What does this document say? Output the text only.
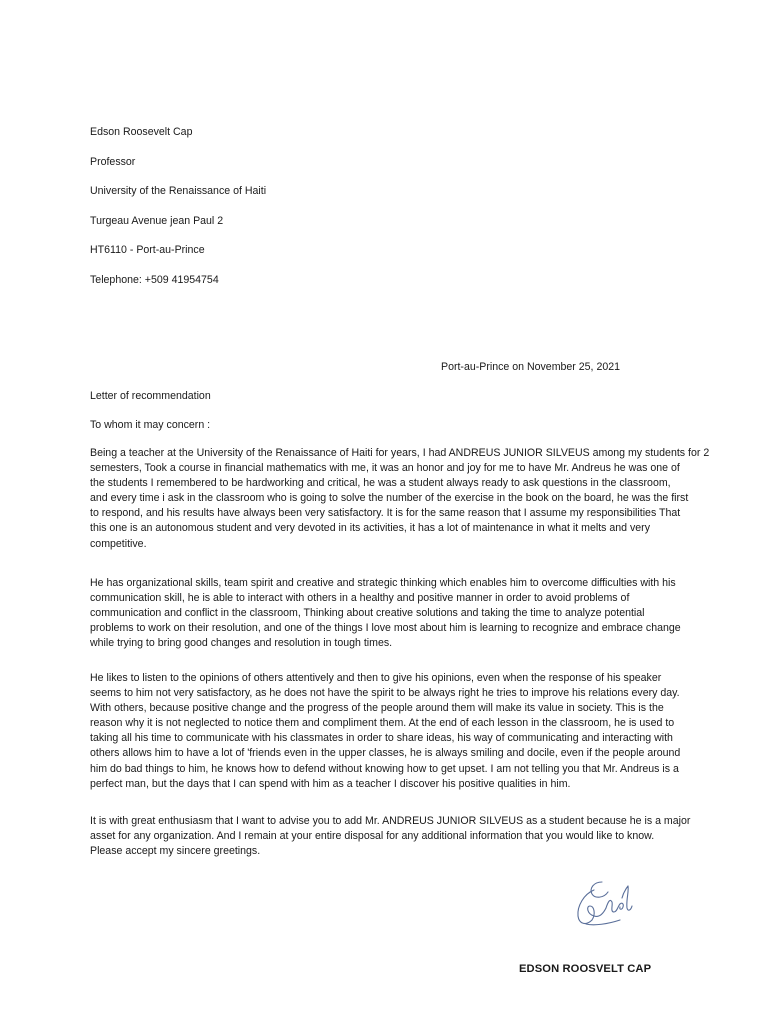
Edson Roosevelt Cap
Professor
University of the Renaissance of Haiti
Turgeau Avenue jean Paul 2
HT6110 - Port-au-Prince
Telephone: +509 41954754
Port-au-Prince on November 25, 2021
Letter of recommendation
To whom it may concern :
Being a teacher at the University of the Renaissance of Haiti for years, I had ANDREUS JUNIOR SILVEUS among my students for 2
semesters, Took a course in financial mathematics with me, it was an honor and joy for me to have Mr. Andreus he was one of
the students I remembered to be hardworking and critical, he was a student always ready to ask questions in the classroom,
and every time i ask in the classroom who is going to solve the number of the exercise in the book on the board, he was the first
to respond, and his results have always been very satisfactory. It is for the same reason that I assume my responsibilities That
this one is an autonomous student and very devoted in its activities, it has a lot of maintenance in what it melts and very
competitive.
He has organizational skills, team spirit and creative and strategic thinking which enables him to overcome difficulties with his
communication skill, he is able to interact with others in a healthy and positive manner in order to avoid problems of
communication and conflict in the classroom, Thinking about creative solutions and taking the time to analyze potential
problems to work on their resolution, and one of the things I love most about him is learning to recognize and embrace change
while trying to bring good changes and resolution in tough times.
He likes to listen to the opinions of others attentively and then to give his opinions, even when the response of his speaker
seems to him not very satisfactory, as he does not have the spirit to be always right he tries to improve his relations every day.
With others, because positive change and the progress of the people around them will make its value in society. This is the
reason why it is not neglected to notice them and compliment them. At the end of each lesson in the classroom, he is used to
taking all his time to communicate with his classmates in order to share ideas, his way of communicating and interacting with
others allows him to have a lot of 'friends even in the upper classes, he is always smiling and docile, even if the people around
him do bad things to him, he knows how to defend without knowing how to get upset. I am not telling you that Mr. Andreus is a
perfect man, but the days that I can spend with him as a teacher I discover his positive qualities in him.
It is with great enthusiasm that I want to advise you to add Mr. ANDREUS JUNIOR SILVEUS as a student because he is a major
asset for any organization. And I remain at your entire disposal for any additional information that you would like to know.
Please accept my sincere greetings.
EDSON ROOSVELT CAP
